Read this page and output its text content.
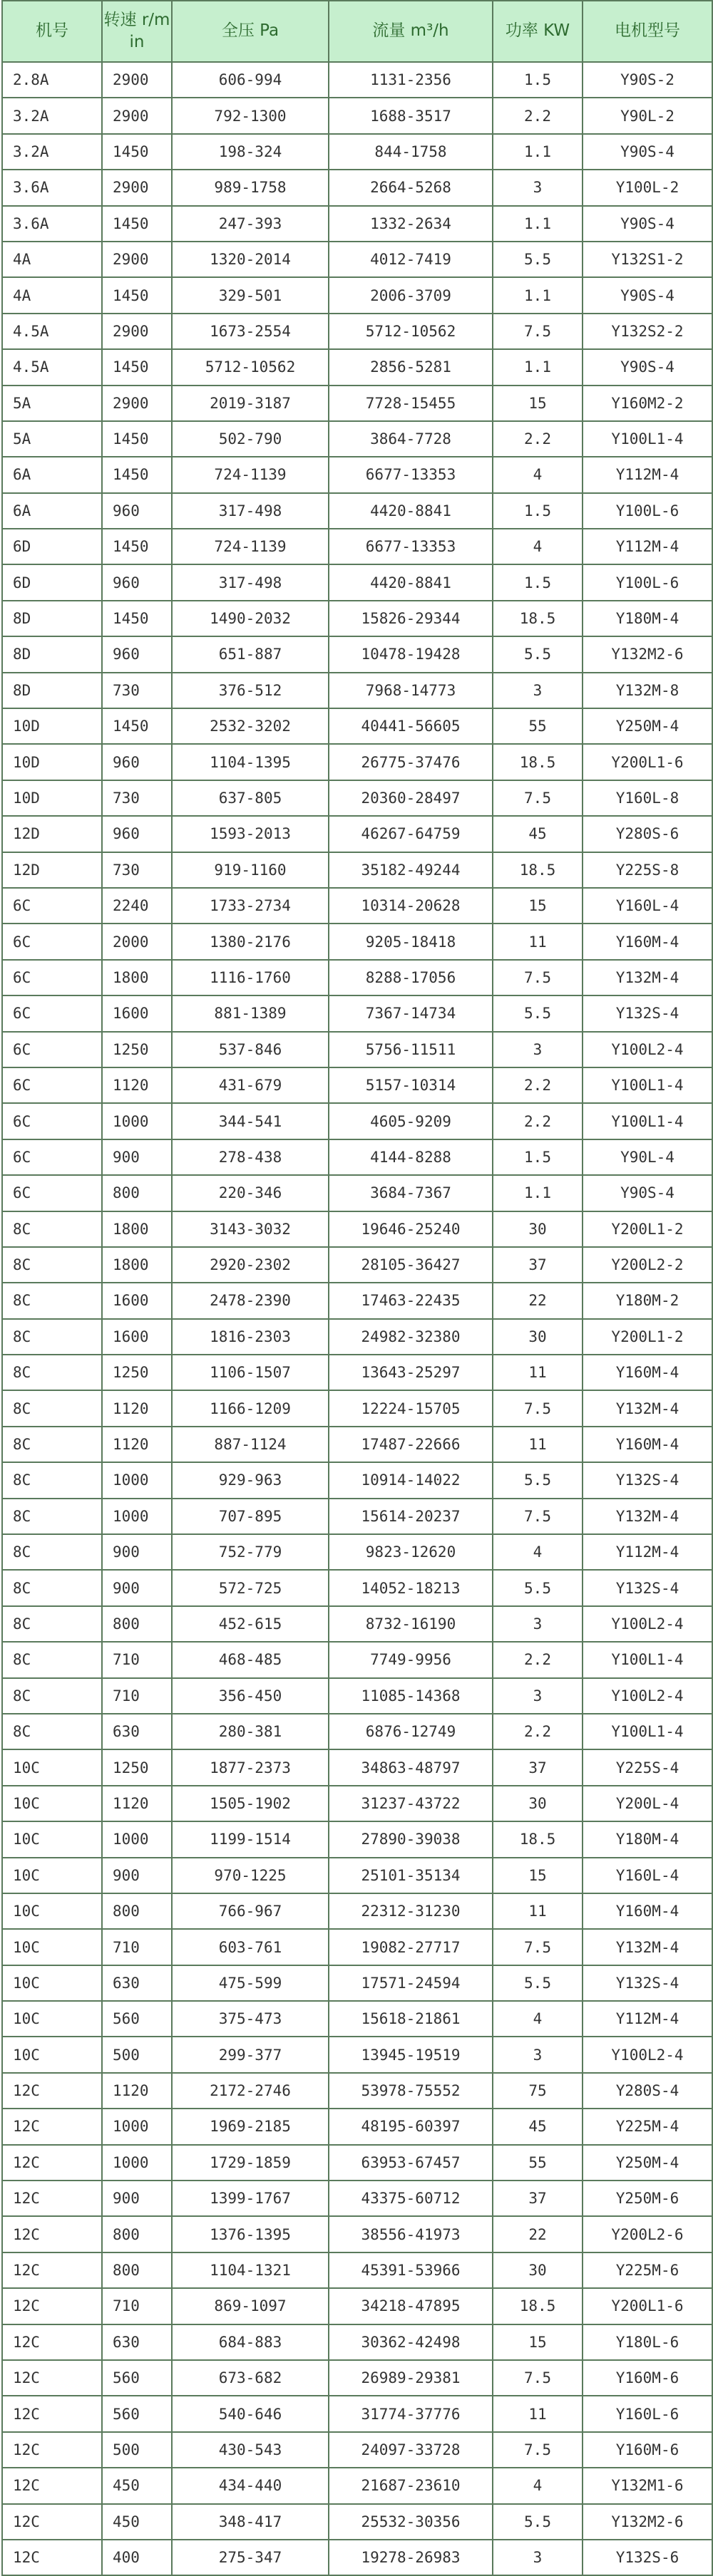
机号	转速 r/m in	全压 Pa	流量 m³/h	功率 KW	电机型号
2.8A	2900	606-994	1131-2356	1.5	Y90S-2
3.2A	2900	792-1300	1688-3517	2.2	Y90L-2
3.2A	1450	198-324	844-1758	1.1	Y90S-4
3.6A	2900	989-1758	2664-5268	3	Y100L-2
3.6A	1450	247-393	1332-2634	1.1	Y90S-4
4A	2900	1320-2014	4012-7419	5.5	Y132S1-2
4A	1450	329-501	2006-3709	1.1	Y90S-4
4.5A	2900	1673-2554	5712-10562	7.5	Y132S2-2
4.5A	1450	5712-10562	2856-5281	1.1	Y90S-4
5A	2900	2019-3187	7728-15455	15	Y160M2-2
5A	1450	502-790	3864-7728	2.2	Y100L1-4
6A	1450	724-1139	6677-13353	4	Y112M-4
6A	960	317-498	4420-8841	1.5	Y100L-6
6D	1450	724-1139	6677-13353	4	Y112M-4
6D	960	317-498	4420-8841	1.5	Y100L-6
8D	1450	1490-2032	15826-29344	18.5	Y180M-4
8D	960	651-887	10478-19428	5.5	Y132M2-6
8D	730	376-512	7968-14773	3	Y132M-8
10D	1450	2532-3202	40441-56605	55	Y250M-4
10D	960	1104-1395	26775-37476	18.5	Y200L1-6
10D	730	637-805	20360-28497	7.5	Y160L-8
12D	960	1593-2013	46267-64759	45	Y280S-6
12D	730	919-1160	35182-49244	18.5	Y225S-8
6C	2240	1733-2734	10314-20628	15	Y160L-4
6C	2000	1380-2176	9205-18418	11	Y160M-4
6C	1800	1116-1760	8288-17056	7.5	Y132M-4
6C	1600	881-1389	7367-14734	5.5	Y132S-4
6C	1250	537-846	5756-11511	3	Y100L2-4
6C	1120	431-679	5157-10314	2.2	Y100L1-4
6C	1000	344-541	4605-9209	2.2	Y100L1-4
6C	900	278-438	4144-8288	1.5	Y90L-4
6C	800	220-346	3684-7367	1.1	Y90S-4
8C	1800	3143-3032	19646-25240	30	Y200L1-2
8C	1800	2920-2302	28105-36427	37	Y200L2-2
8C	1600	2478-2390	17463-22435	22	Y180M-2
8C	1600	1816-2303	24982-32380	30	Y200L1-2
8C	1250	1106-1507	13643-25297	11	Y160M-4
8C	1120	1166-1209	12224-15705	7.5	Y132M-4
8C	1120	887-1124	17487-22666	11	Y160M-4
8C	1000	929-963	10914-14022	5.5	Y132S-4
8C	1000	707-895	15614-20237	7.5	Y132M-4
8C	900	752-779	9823-12620	4	Y112M-4
8C	900	572-725	14052-18213	5.5	Y132S-4
8C	800	452-615	8732-16190	3	Y100L2-4
8C	710	468-485	7749-9956	2.2	Y100L1-4
8C	710	356-450	11085-14368	3	Y100L2-4
8C	630	280-381	6876-12749	2.2	Y100L1-4
10C	1250	1877-2373	34863-48797	37	Y225S-4
10C	1120	1505-1902	31237-43722	30	Y200L-4
10C	1000	1199-1514	27890-39038	18.5	Y180M-4
10C	900	970-1225	25101-35134	15	Y160L-4
10C	800	766-967	22312-31230	11	Y160M-4
10C	710	603-761	19082-27717	7.5	Y132M-4
10C	630	475-599	17571-24594	5.5	Y132S-4
10C	560	375-473	15618-21861	4	Y112M-4
10C	500	299-377	13945-19519	3	Y100L2-4
12C	1120	2172-2746	53978-75552	75	Y280S-4
12C	1000	1969-2185	48195-60397	45	Y225M-4
12C	1000	1729-1859	63953-67457	55	Y250M-4
12C	900	1399-1767	43375-60712	37	Y250M-6
12C	800	1376-1395	38556-41973	22	Y200L2-6
12C	800	1104-1321	45391-53966	30	Y225M-6
12C	710	869-1097	34218-47895	18.5	Y200L1-6
12C	630	684-883	30362-42498	15	Y180L-6
12C	560	673-682	26989-29381	7.5	Y160M-6
12C	560	540-646	31774-37776	11	Y160L-6
12C	500	430-543	24097-33728	7.5	Y160M-6
12C	450	434-440	21687-23610	4	Y132M1-6
12C	450	348-417	25532-30356	5.5	Y132M2-6
12C	400	275-347	19278-26983	3	Y132S-6
